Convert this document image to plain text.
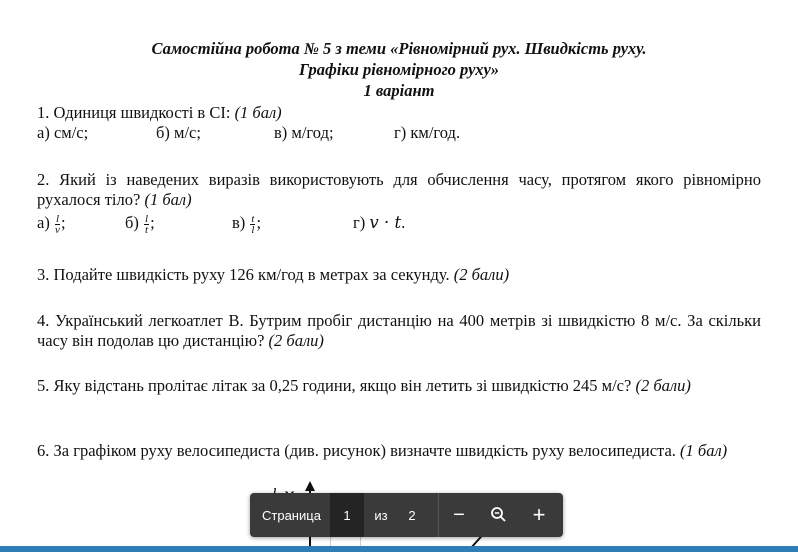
Самостійна робота № 5 з теми «Рівномірний рух. Швидкість руху.
Графіки рівномірного руху»
1 варіант
1. Одиниця швидкості в СІ: (1 бал)
а) см/с;	б) м/с;	в) м/год;	г) км/год.
2. Який із наведених виразів використовують для обчислення часу, протягом якого рівномірно рухалося тіло? (1 бал)
$а) \frac{l}{v}$ ;	$б) \frac{l}{t}$ ;	$в) \frac{t}{l}$ ;	г) v · t.
3. Подайте швидкість руху 126 км/год в метрах за секунду. (2 бали)
4. Український легкоатлет В. Бутрим пробіг дистанцію на 400 метрів зі швидкістю 8 м/с. За скільки часу він подолав цю дистанцію? (2 бали)
5. Яку відстань пролітає літак за 0,25 години, якщо він летить зі швидкістю 245 м/с? (2 бали)
6. За графіком руху велосипедиста (див. рисунок) визначте швидкість руху велосипедиста. (1 бал)
Страница	1	из	2	−	+
